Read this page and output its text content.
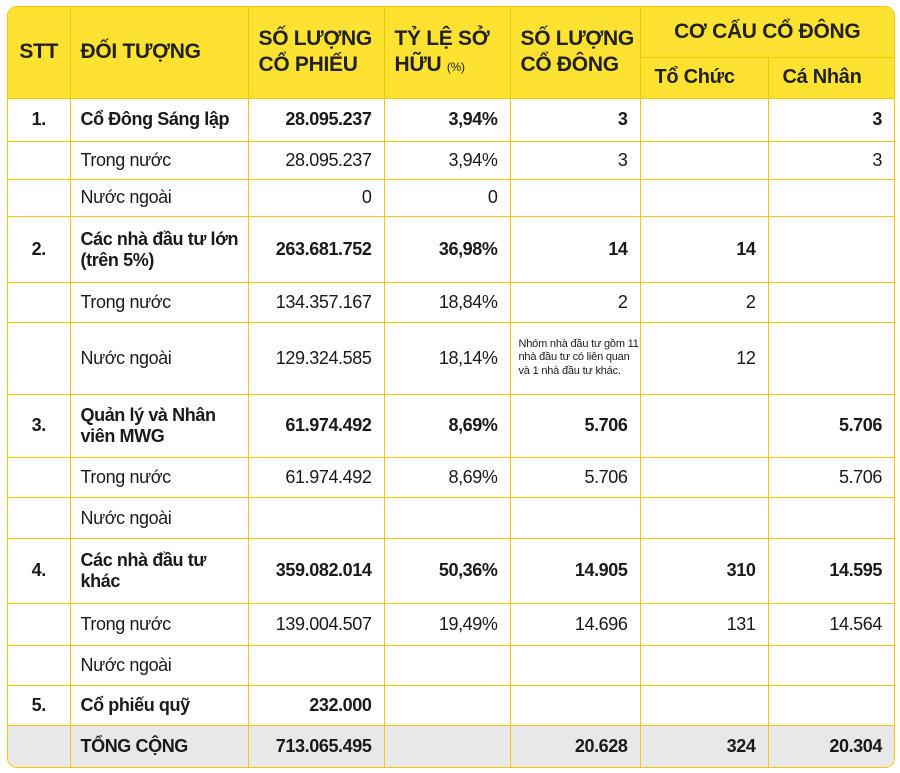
STT	ĐỐI TƯỢNG	SỐ LƯỢNG CỔ PHIẾU	TỶ LỆ SỞ HỮU (%)	SỐ LƯỢNG CỔ ĐÔNG	CƠ CẤU CỔ ĐÔNG	
					Tổ Chức	Cá Nhân
1.	Cổ Đông Sáng lập	28.095.237	3,94%	3		3
	Trong nước	28.095.237	3,94%	3		3
	Nước ngoài	0	0			
2.	Các nhà đầu tư lớn (trên 5%)	263.681.752	36,98%	14	14	
	Trong nước	134.357.167	18,84%	2	2	
	Nước ngoài	129.324.585	18,14%	Nhóm nhà đầu tư gồm 11 nhà đầu tư có liên quan và 1 nhà đầu tư khác.	12	
3.	Quản lý và Nhân viên MWG	61.974.492	8,69%	5.706		5.706
	Trong nước	61.974.492	8,69%	5.706		5.706
	Nước ngoài					
4.	Các nhà đầu tư khác	359.082.014	50,36%	14.905	310	14.595
	Trong nước	139.004.507	19,49%	14.696	131	14.564
	Nước ngoài					
5.	Cổ phiếu quỹ	232.000				
	TỔNG CỘNG	713.065.495		20.628	324	20.304
